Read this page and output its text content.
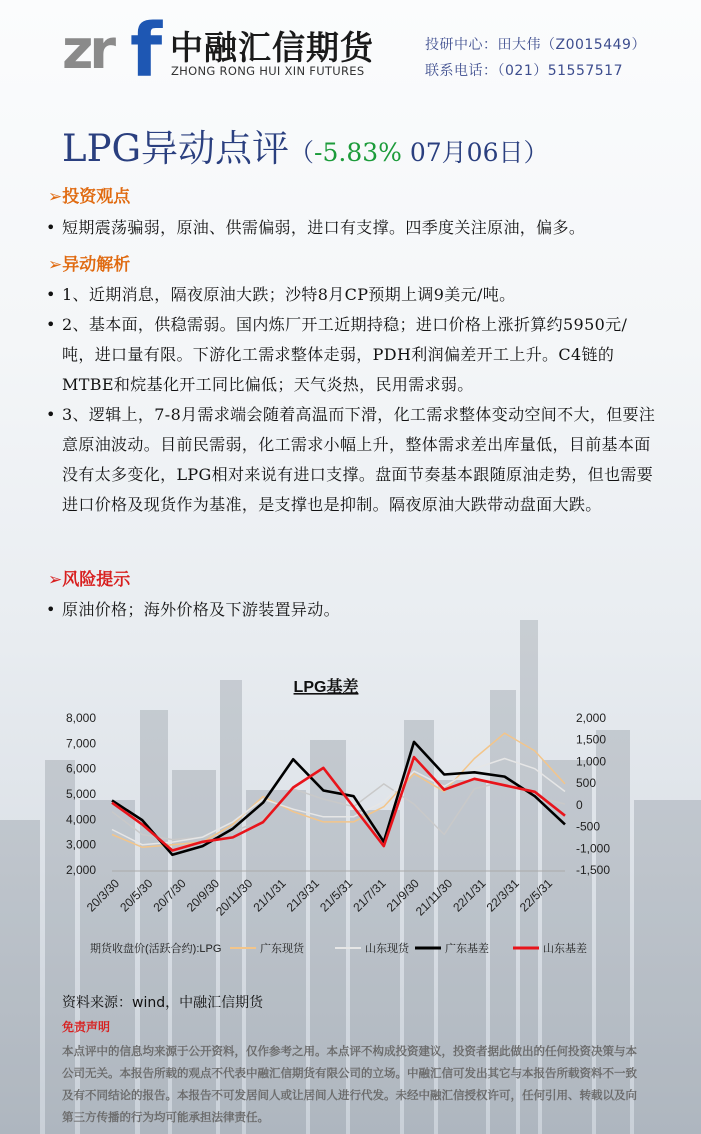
zr f 中融汇信期货
ZHONG RONG HUI XIN FUTURES
投研中心：田大伟（Z0015449）
联系电话：（021）51557517
LPG异动点评（-5.83% 07月06日）
➢投资观点
• 短期震荡骗弱，原油、供需偏弱，进口有支撑。四季度关注原油，偏多。
➢异动解析
• 1、近期消息，隔夜原油大跌；沙特8月CP预期上调9美元/吨。
• 2、基本面，供稳需弱。国内炼厂开工近期持稳；进口价格上涨折算约5950元/吨，进口量有限。下游化工需求整体走弱，PDH利润偏差开工上升。C4链的MTBE和烷基化开工同比偏低；天气炎热，民用需求弱。
• 3、逻辑上，7-8月需求端会随着高温而下滑，化工需求整体变动空间不大，但要注意原油波动。目前民需弱，化工需求小幅上升，整体需求差出库量低，目前基本面没有太多变化，LPG相对来说有进口支撑。盘面节奏基本跟随原油走势，但也需要进口价格及现货作为基准，是支撑也是抑制。隔夜原油大跌带动盘面大跌。
➢风险提示
• 原油价格；海外价格及下游装置异动。
LPG基差
8,000
7,000
6,000
5,000
4,000
3,000
2,000
2,000
1,500
1,000
500
0
-500
-1,000
-1,500
20/3/30
20/5/30
20/7/30
20/9/30
20/11/30
21/1/31
21/3/31
21/5/31
21/7/31
21/9/30
21/11/30
22/1/31
22/3/31
22/5/31
期货收盘价(活跃合约):LPG	广东现货	山东现货	广东基差	山东基差
资料来源：wind，中融汇信期货
免责声明
本点评中的信息均来源于公开资料，仅作参考之用。本点评不构成投资建议，投资者据此做出的任何投资决策与本公司无关。本报告所载的观点不代表中融汇信期货有限公司的立场。中融汇信可发出其它与本报告所载资料不一致及有不同结论的报告。本报告不可发居间人或让居间人进行代发。未经中融汇信授权许可，任何引用、转载以及向第三方传播的行为均可能承担法律责任。
